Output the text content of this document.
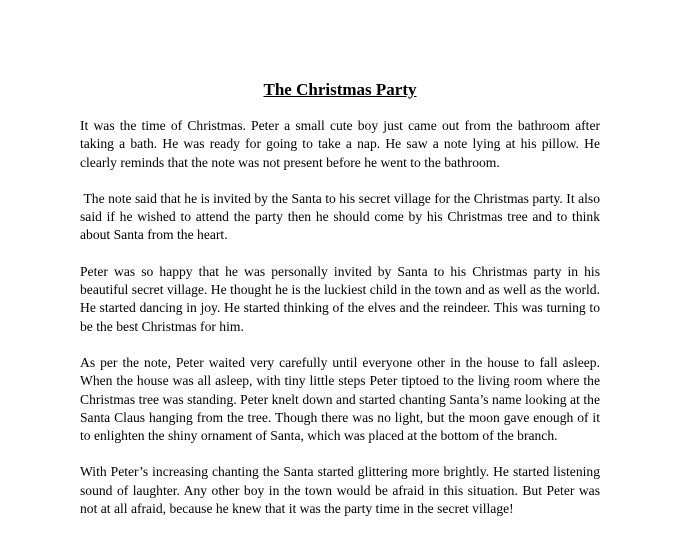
The Christmas Party

It was the time of Christmas. Peter a small cute boy just came out from the bathroom after taking a bath. He was ready for going to take a nap. He saw a note lying at his pillow. He clearly reminds that the note was not present before he went to the bathroom.

The note said that he is invited by the Santa to his secret village for the Christmas party. It also said if he wished to attend the party then he should come by his Christmas tree and to think about Santa from the heart.

Peter was so happy that he was personally invited by Santa to his Christmas party in his beautiful secret village. He thought he is the luckiest child in the town and as well as the world. He started dancing in joy. He started thinking of the elves and the reindeer. This was turning to be the best Christmas for him.

As per the note, Peter waited very carefully until everyone other in the house to fall asleep. When the house was all asleep, with tiny little steps Peter tiptoed to the living room where the Christmas tree was standing. Peter knelt down and started chanting Santa’s name looking at the Santa Claus hanging from the tree. Though there was no light, but the moon gave enough of it to enlighten the shiny ornament of Santa, which was placed at the bottom of the branch.

With Peter’s increasing chanting the Santa started glittering more brightly. He started listening sound of laughter. Any other boy in the town would be afraid in this situation. But Peter was not at all afraid, because he knew that it was the party time in the secret village!
